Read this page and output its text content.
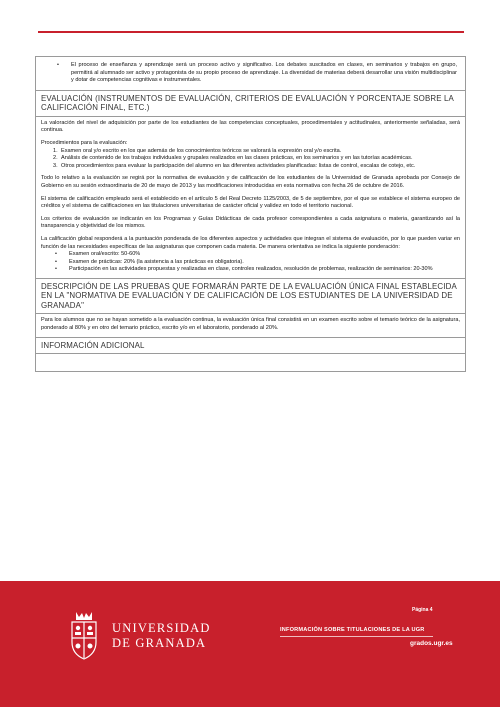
• El proceso de enseñanza y aprendizaje será un proceso activo y significativo. Los debates suscitados en clases, en seminarios y trabajos en grupo, permitirá al alumnado ser activo y protagonista de su propio proceso de aprendizaje. La diversidad de materias deberá desarrollar una visión multidisciplinar y dotar de competencias cognitivas e instrumentales.
EVALUACIÓN (INSTRUMENTOS DE EVALUACIÓN, CRITERIOS DE EVALUACIÓN Y PORCENTAJE SOBRE LA CALIFICACIÓN FINAL, ETC.)

La valoración del nivel de adquisición por parte de los estudiantes de las competencias conceptuales, procedimentales y actitudinales, anteriormente señaladas, será continua.

Procedimientos para la evaluación:

1. Examen oral y/o escrito en los que además de los conocimientos teóricos se valorará la expresión oral y/o escrita.
2. Análisis de contenido de los trabajos individuales y grupales realizados en las clases prácticas, en los seminarios y en las tutorías académicas.
3. Otros procedimientos para evaluar la participación del alumno en las diferentes actividades planificadas: listas de control, escalas de cotejo, etc.

Todo lo relativo a la evaluación se regirá por la normativa de evaluación y de calificación de los estudiantes de la Universidad de Granada aprobada por Consejo de Gobierno en su sesión extraordinaria de 20 de mayo de 2013 y las modificaciones introducidas en esta normativa con fecha 26 de octubre de 2016.

El sistema de calificación empleado será el establecido en el artículo 5 del Real Decreto 1125/2003, de 5 de septiembre, por el que se establece el sistema europeo de créditos y el sistema de calificaciones en las titulaciones universitarias de carácter oficial y validez en todo el territorio nacional.

Los criterios de evaluación se indicarán en los Programas y Guías Didácticas de cada profesor correspondientes a cada asignatura o materia, garantizando así la transparencia y objetividad de los mismos.

La calificación global responderá a la puntuación ponderada de los diferentes aspectos y actividades que integran el sistema de evaluación, por lo que pueden variar en función de las necesidades específicas de las asignaturas que componen cada materia. De manera orientativa se indica la siguiente ponderación:

• Examen oral/escrito: 50-60%
• Examen de prácticas: 20% (la asistencia a las prácticas es obligatoria).
• Participación en las actividades propuestas y realizadas en clase, controles realizados, resolución de problemas, realización de seminarios: 20-30%
DESCRIPCIÓN DE LAS PRUEBAS QUE FORMARÁN PARTE DE LA EVALUACIÓN ÚNICA FINAL ESTABLECIDA EN LA "NORMATIVA DE EVALUACIÓN Y DE CALIFICACIÓN DE LOS ESTUDIANTES DE LA UNIVERSIDAD DE GRANADA"

Para los alumnos que no se hayan sometido a la evaluación continua, la evaluación única final consistirá en un examen escrito sobre el temario teórico de la asignatura, ponderado al 80% y en otro del temario práctico, escrito y/o en el laboratorio, ponderado al 20%.

INFORMACIÓN ADICIONAL
UNIVERSIDAD
DE GRANADA
Página 4
INFORMACIÓN SOBRE TITULACIONES DE LA UGR
grados.ugr.es
